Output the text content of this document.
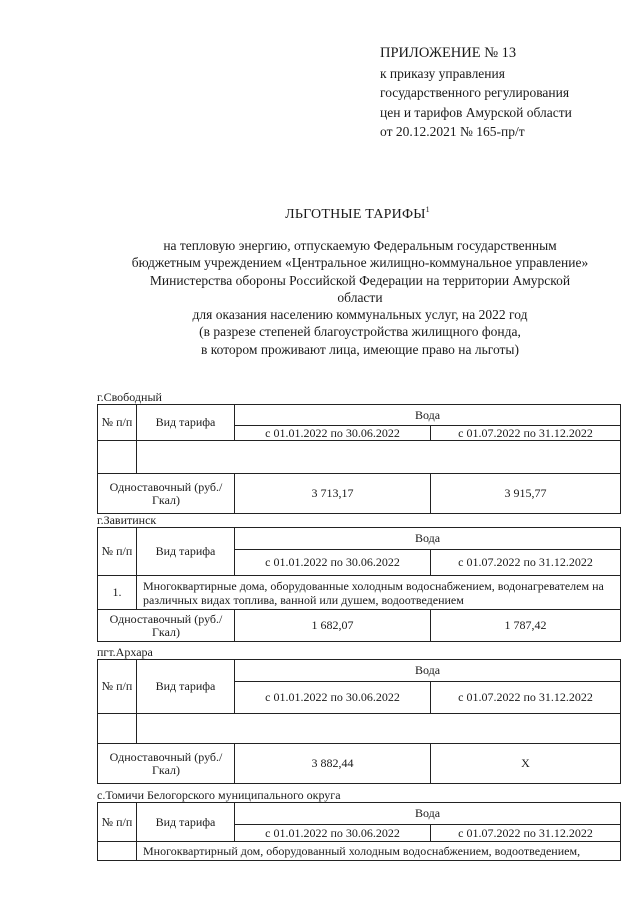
ПРИЛОЖЕНИЕ № 13
к приказу управления
государственного регулирования
цен и тарифов Амурской области
от 20.12.2021 № 165-пр/т
ЛЬГОТНЫЕ ТАРИФЫ$^1$
на тепловую энергию, отпускаемую Федеральным государственным
бюджетным учреждением «Центральное жилищно-коммунальное управление»
Министерства обороны Российской Федерации на территории Амурской
области
для оказания населению коммунальных услуг, на 2022 год
(в разрезе степеней благоустройства жилищного фонда,
в котором проживают лица, имеющие право на льготы)
г.Свободный
№ п/п	Вид тарифа	Вода	
		с 01.01.2022 по 30.06.2022	с 01.07.2022 по 31.12.2022

Одноставочный (руб./Гкал)		3 713,17	3 915,77
г.Завитинск
№ п/п	Вид тарифа	Вода	
		с 01.01.2022 по 30.06.2022	с 01.07.2022 по 31.12.2022
1.	Многоквартирные дома, оборудованные холодным водоснабжением, водонагревателем на различных видах топлива, ванной или душем, водоотведением		
Одноставочный (руб./Гкал)		1 682,07	1 787,42
пгт.Архара
№ п/п	Вид тарифа	Вода	
		с 01.01.2022 по 30.06.2022	с 01.07.2022 по 31.12.2022

Одноставочный (руб./Гкал)		3 882,44	Х
с.Томичи Белогорского муниципального округа
№ п/п	Вид тарифа	Вода	
		с 01.01.2022 по 30.06.2022	с 01.07.2022 по 31.12.2022
	Многоквартирный дом, оборудованный холодным водоснабжением, водоотведением,		
